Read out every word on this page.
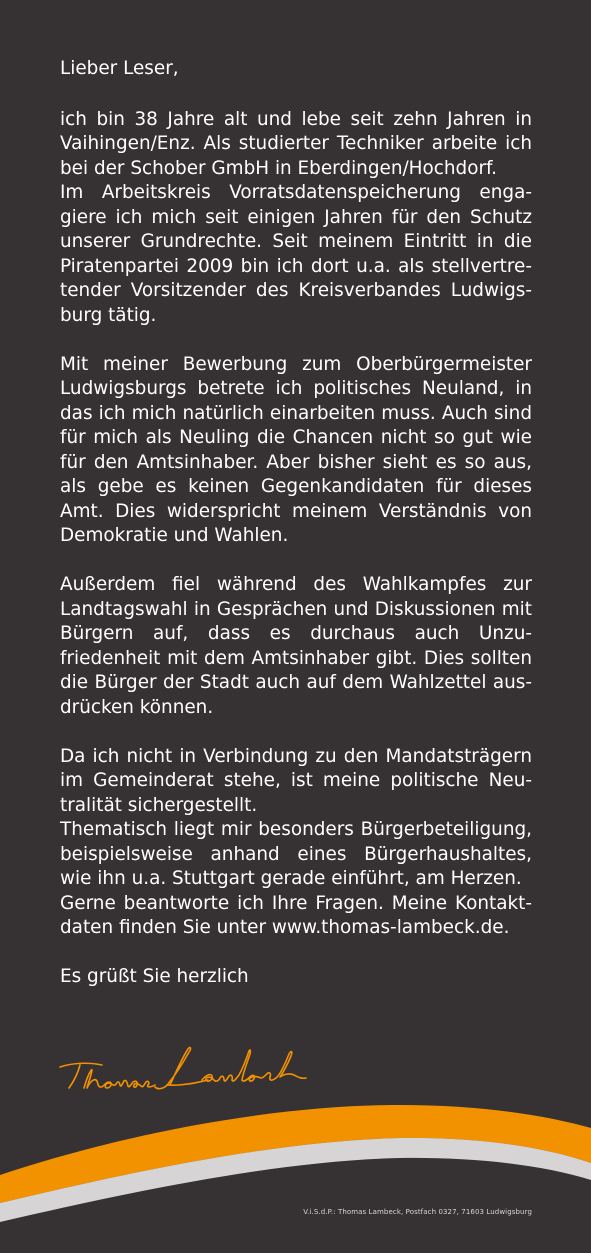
Lieber Leser,

ich bin 38 Jahre alt und lebe seit zehn Jahren in Vaihingen/Enz. Als studierter Techniker arbeite ich bei der Schober GmbH in Eberdingen/Hochdorf.

Im Arbeitskreis Vorratsdatenspeicherung engagiere ich mich seit einigen Jahren für den Schutz unserer Grundrechte. Seit meinem Eintritt in die Piratenpartei 2009 bin ich dort u.a. als stellvertretender Vorsitzender des Kreisverbandes Ludwigsburg tätig.

Mit meiner Bewerbung zum Oberbürgermeister Ludwigsburgs betrete ich politisches Neuland, in das ich mich natürlich einarbeiten muss. Auch sind für mich als Neuling die Chancen nicht so gut wie für den Amtsinhaber. Aber bisher sieht es so aus, als gebe es keinen Gegenkandidaten für dieses Amt. Dies widerspricht meinem Verständnis von Demokratie und Wahlen.

Außerdem fiel während des Wahlkampfes zur Landtagswahl in Gesprächen und Diskussionen mit Bürgern auf, dass es durchaus auch Unzufriedenheit mit dem Amtsinhaber gibt. Dies sollten die Bürger der Stadt auch auf dem Wahlzettel ausdrücken können.

Da ich nicht in Verbindung zu den Mandatsträgern im Gemeinderat stehe, ist meine politische Neutralität sichergestellt.

Thematisch liegt mir besonders Bürgerbeteiligung, beispielsweise anhand eines Bürgerhaushaltes, wie ihn u.a. Stuttgart gerade einführt, am Herzen.

Gerne beantworte ich Ihre Fragen. Meine Kontaktdaten finden Sie unter www.thomas-lambeck.de.

Es grüßt Sie herzlich

V.i.S.d.P.: Thomas Lambeck, Postfach 0327, 71603 Ludwigsburg
